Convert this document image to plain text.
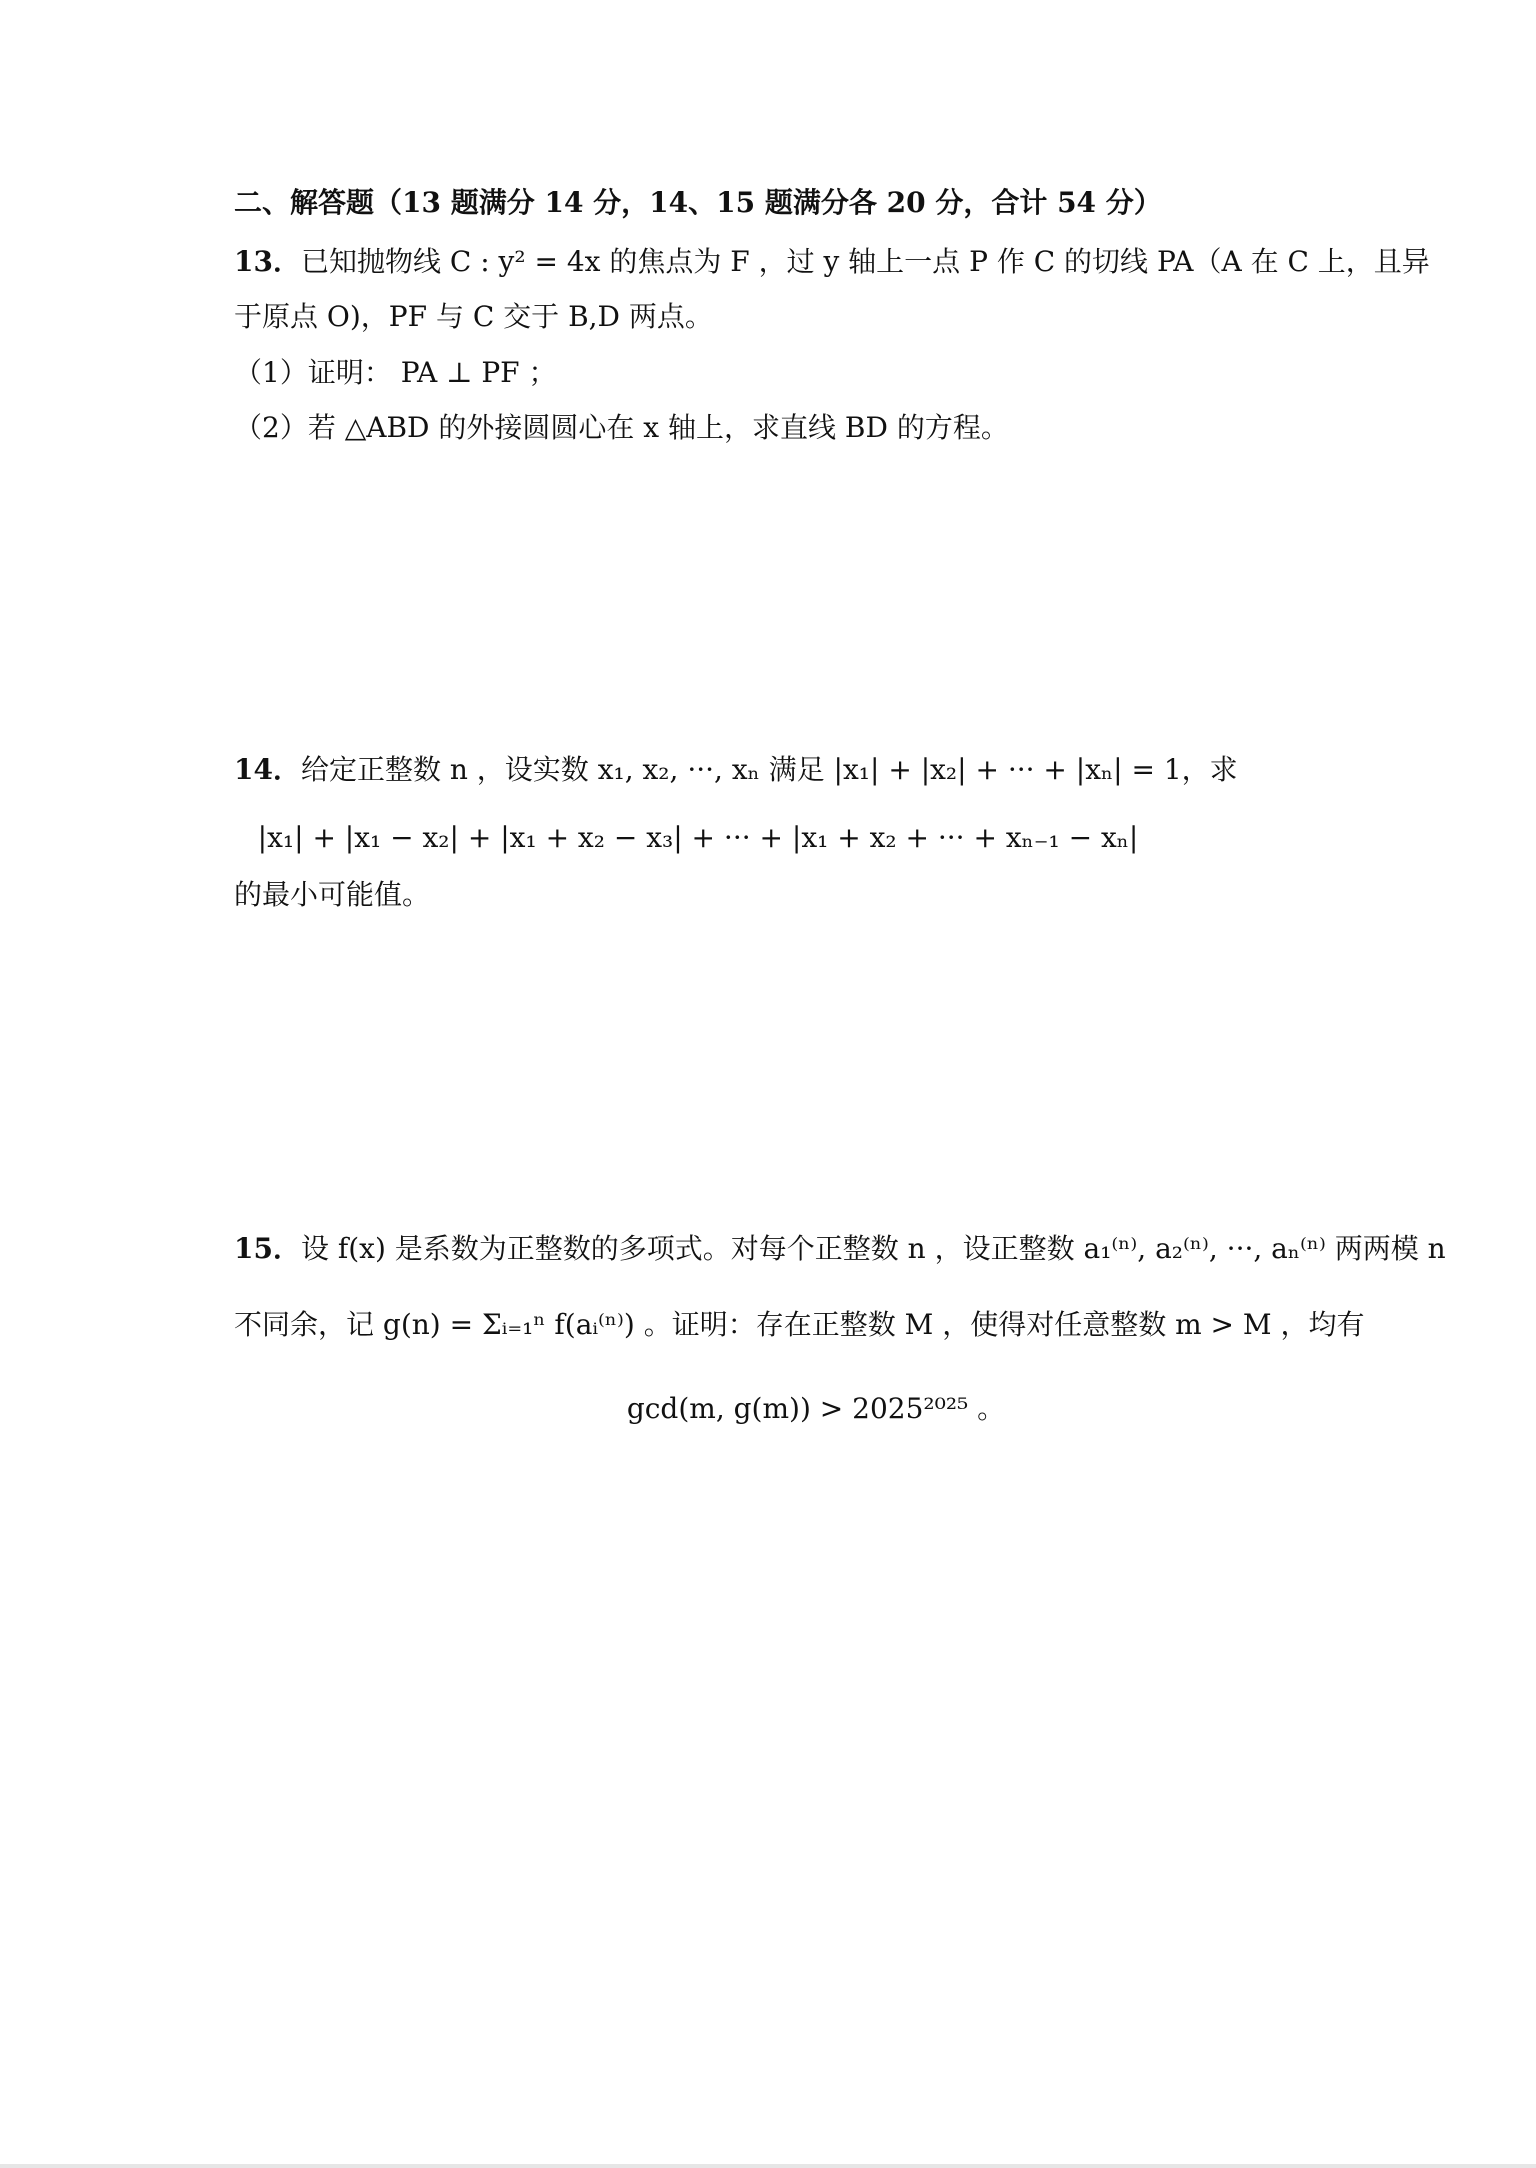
二、解答题（13 题满分 14 分，14、15 题满分各 20 分，合计 54 分）
13．已知抛物线 C : y² = 4x 的焦点为 F ，过 y 轴上一点 P 作 C 的切线 PA（A 在 C 上，且异
于原点 O)，PF 与 C 交于 B,D 两点。
（1）证明： PA ⊥ PF ；
（2）若 △ABD 的外接圆圆心在 x 轴上，求直线 BD 的方程。
14．给定正整数 n ，设实数 x₁, x₂, ···, xₙ 满足 |x₁| + |x₂| + ··· + |xₙ| = 1，求
|x₁| + |x₁ − x₂| + |x₁ + x₂ − x₃| + ··· + |x₁ + x₂ + ··· + xₙ₋₁ − xₙ|
的最小可能值。
15．设 f(x) 是系数为正整数的多项式。对每个正整数 n ，设正整数 a₁⁽ⁿ⁾, a₂⁽ⁿ⁾, ···, aₙ⁽ⁿ⁾ 两两模 n
不同余，记 g(n) = Σᵢ₌₁ⁿ f(aᵢ⁽ⁿ⁾) 。证明：存在正整数 M ，使得对任意整数 m > M ，均有
gcd(m, g(m)) > 2025²⁰²⁵ 。
